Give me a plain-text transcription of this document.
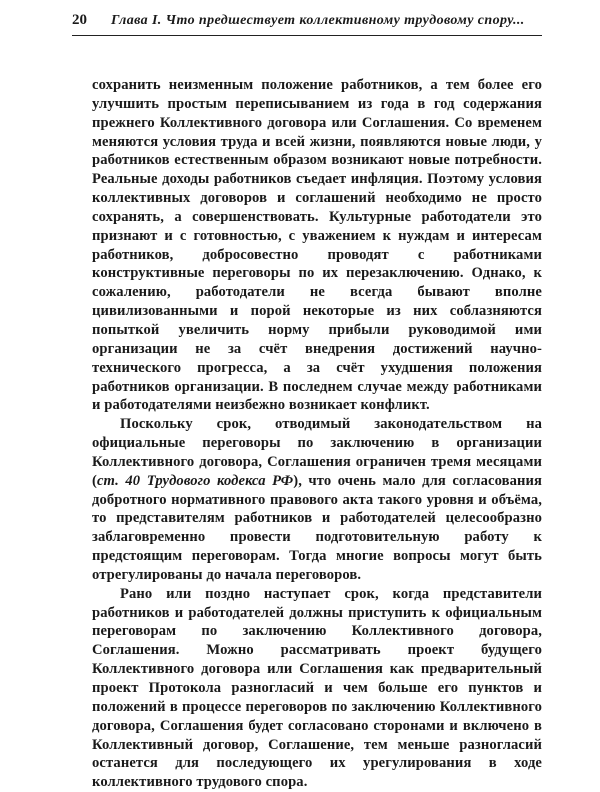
20 Глава I. Что предшествует коллективному трудовому спору...

сохранить неизменным положение работников, а тем более его улучшить простым переписыванием из года в год содержания прежнего Коллективного договора или Соглашения. Со временем меняются условия труда и всей жизни, появляются новые люди, у работников естественным образом возникают новые потребности. Реальные доходы работников съедает инфляция. Поэтому условия коллективных договоров и соглашений необходимо не просто сохранять, а совершенствовать. Культурные работодатели это признают и с готовностью, с уважением к нуждам и интересам работников, добросовестно проводят с работниками конструктивные переговоры по их перезаключению. Однако, к сожалению, работодатели не всегда бывают вполне цивилизованными и порой некоторые из них соблазняются попыткой увеличить норму прибыли руководимой ими организации не за счёт внедрения достижений научно-технического прогресса, а за счёт ухудшения положения работников организации. В последнем случае между работниками и работодателями неизбежно возникает конфликт.

Поскольку срок, отводимый законодательством на официальные переговоры по заключению в организации Коллективного договора, Соглашения ограничен тремя месяцами (ст. 40 Трудового кодекса РФ), что очень мало для согласования добротного нормативного правового акта такого уровня и объёма, то представителям работников и работодателей целесообразно заблаговременно провести подготовительную работу к предстоящим переговорам. Тогда многие вопросы могут быть отрегулированы до начала переговоров.

Рано или поздно наступает срок, когда представители работников и работодателей должны приступить к официальным переговорам по заключению Коллективного договора, Соглашения. Можно рассматривать проект будущего Коллективного договора или Соглашения как предварительный проект Протокола разногласий и чем больше его пунктов и положений в процессе переговоров по заключению Коллективного договора, Соглашения будет согласовано сторонами и включено в Коллективный договор, Соглашение, тем меньше разногласий останется для последующего их урегулирования в ходе коллективного трудового спора.
